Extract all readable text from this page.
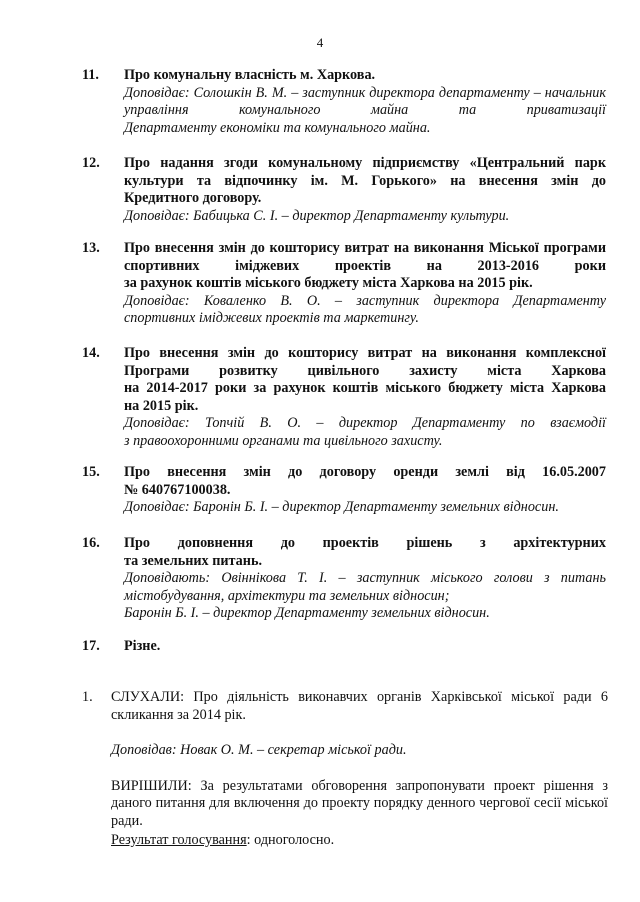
4
11. Про комунальну власність м. Харкова.
Доповідає: Солошкін В. М. – заступник директора департаменту – начальник управління комунального майна та приватизації
Департаменту економіки та комунального майна.
12. Про надання згоди комунальному підприємству «Центральний парк культури та відпочинку ім. М. Горького» на внесення змін до
Кредитного договору.
Доповідає: Бабицька С. І. – директор Департаменту культури.
13. Про внесення змін до кошторису витрат на виконання Міської програми спортивних іміджевих проектів на 2013-2016 роки
за рахунок коштів міського бюджету міста Харкова на 2015 рік.
Доповідає: Коваленко В. О. – заступник директора Департаменту
спортивних іміджевих проектів та маркетингу.
14. Про внесення змін до кошторису витрат на виконання комплексної
Програми розвитку цивільного захисту міста Харкова
на 2014-2017 роки за рахунок коштів міського бюджету міста Харкова
на 2015 рік.
Доповідає: Топчій В. О. – директор Департаменту по взаємодії
з правоохоронними органами та цивільного захисту.
15. Про внесення змін до договору оренди землі від 16.05.2007
№ 640767100038.
Доповідає: Баронін Б. І. – директор Департаменту земельних відносин.
16. Про доповнення до проектів рішень з архітектурних
та земельних питань.
Доповідають: Овіннікова Т. І. – заступник міського голови з питань
містобудування, архітектури та земельних відносин;
Баронін Б. І. – директор Департаменту земельних відносин.
17. Різне.
1. СЛУХАЛИ: Про діяльність виконавчих органів Харківської міської ради 6 скликання за 2014 рік.
Доповідав: Новак О. М. – секретар міської ради.
ВИРІШИЛИ: За результатами обговорення запропонувати проект рішення з даного питання для включення до проекту порядку денного чергової сесії міської ради.
Результат голосування: одноголосно.
